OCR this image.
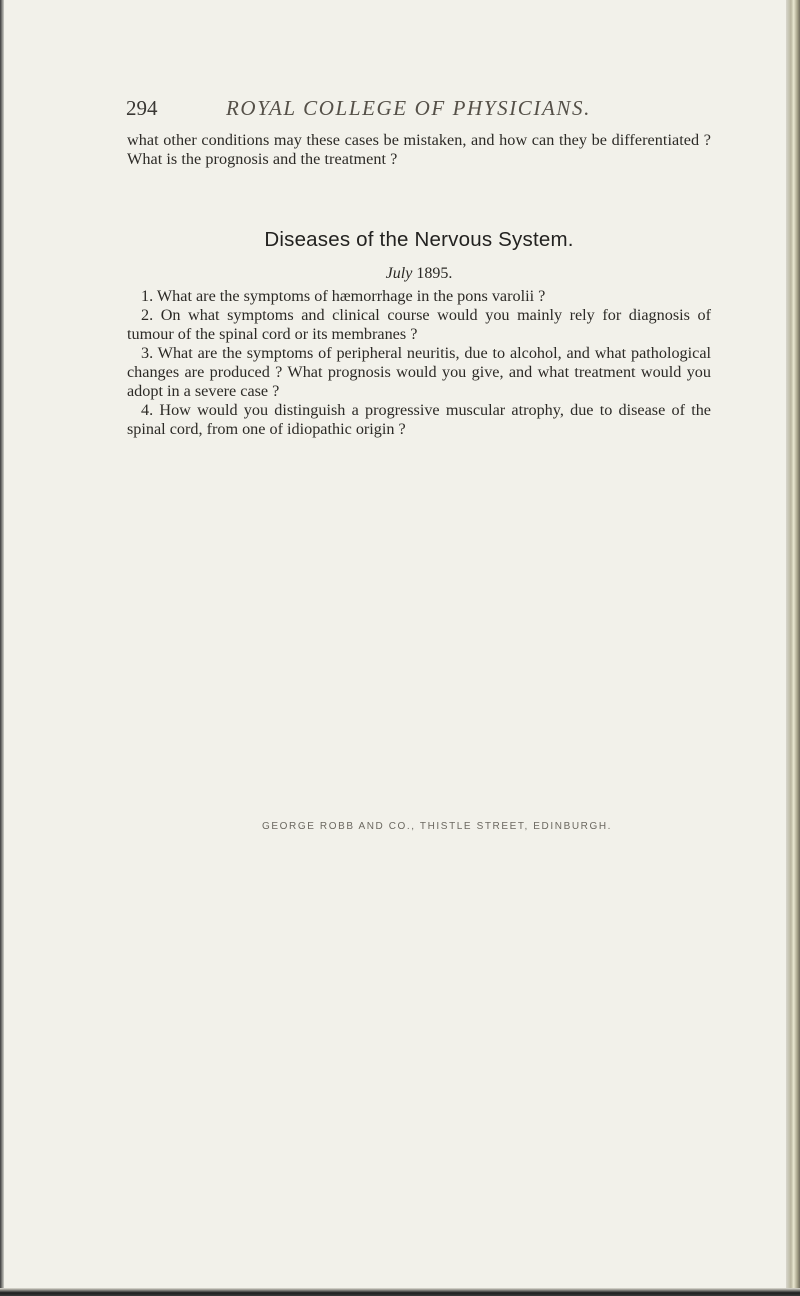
294	ROYAL COLLEGE OF PHYSICIANS.
what other conditions may these cases be mistaken, and how can they be differentiated ? What is the prognosis and the treatment ?
Diseases of the Nervous System.
July 1895.

1. What are the symptoms of hæmorrhage in the pons varolii ?

2. On what symptoms and clinical course would you mainly rely for diagnosis of tumour of the spinal cord or its membranes ?

3. What are the symptoms of peripheral neuritis, due to alcohol, and what pathological changes are produced ? What prognosis would you give, and what treatment would you adopt in a severe case ?

4. How would you distinguish a progressive muscular atrophy, due to disease of the spinal cord, from one of idiopathic origin ?

GEORGE ROBB AND CO., THISTLE STREET, EDINBURGH.
